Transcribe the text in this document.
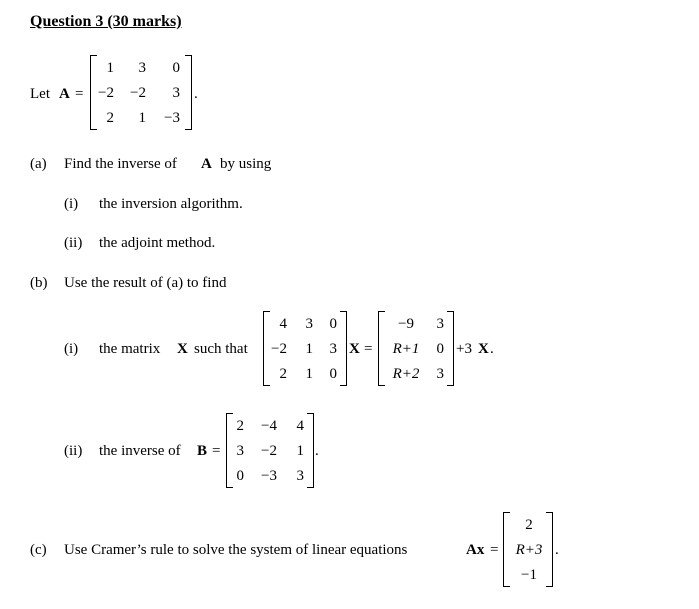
Question 3 (30 marks)
Let A =
1 3 0
−2 −2 3
2 1 −3
.
(a) Find the inverse of A by using
(i) the inversion algorithm.
(ii) the adjoint method.
(b) Use the result of (a) to find
(i) the matrix X such that
4 3 0
−2 1 3
2 1 0
X =
−9 3
R+1 0
R+2 3
+3 X .
(ii) the inverse of B =
2 −4 4
3 −2 1
0 −3 3
.
(c) Use Cramer’s rule to solve the system of linear equations	Ax =
2
R+3
−1
.
